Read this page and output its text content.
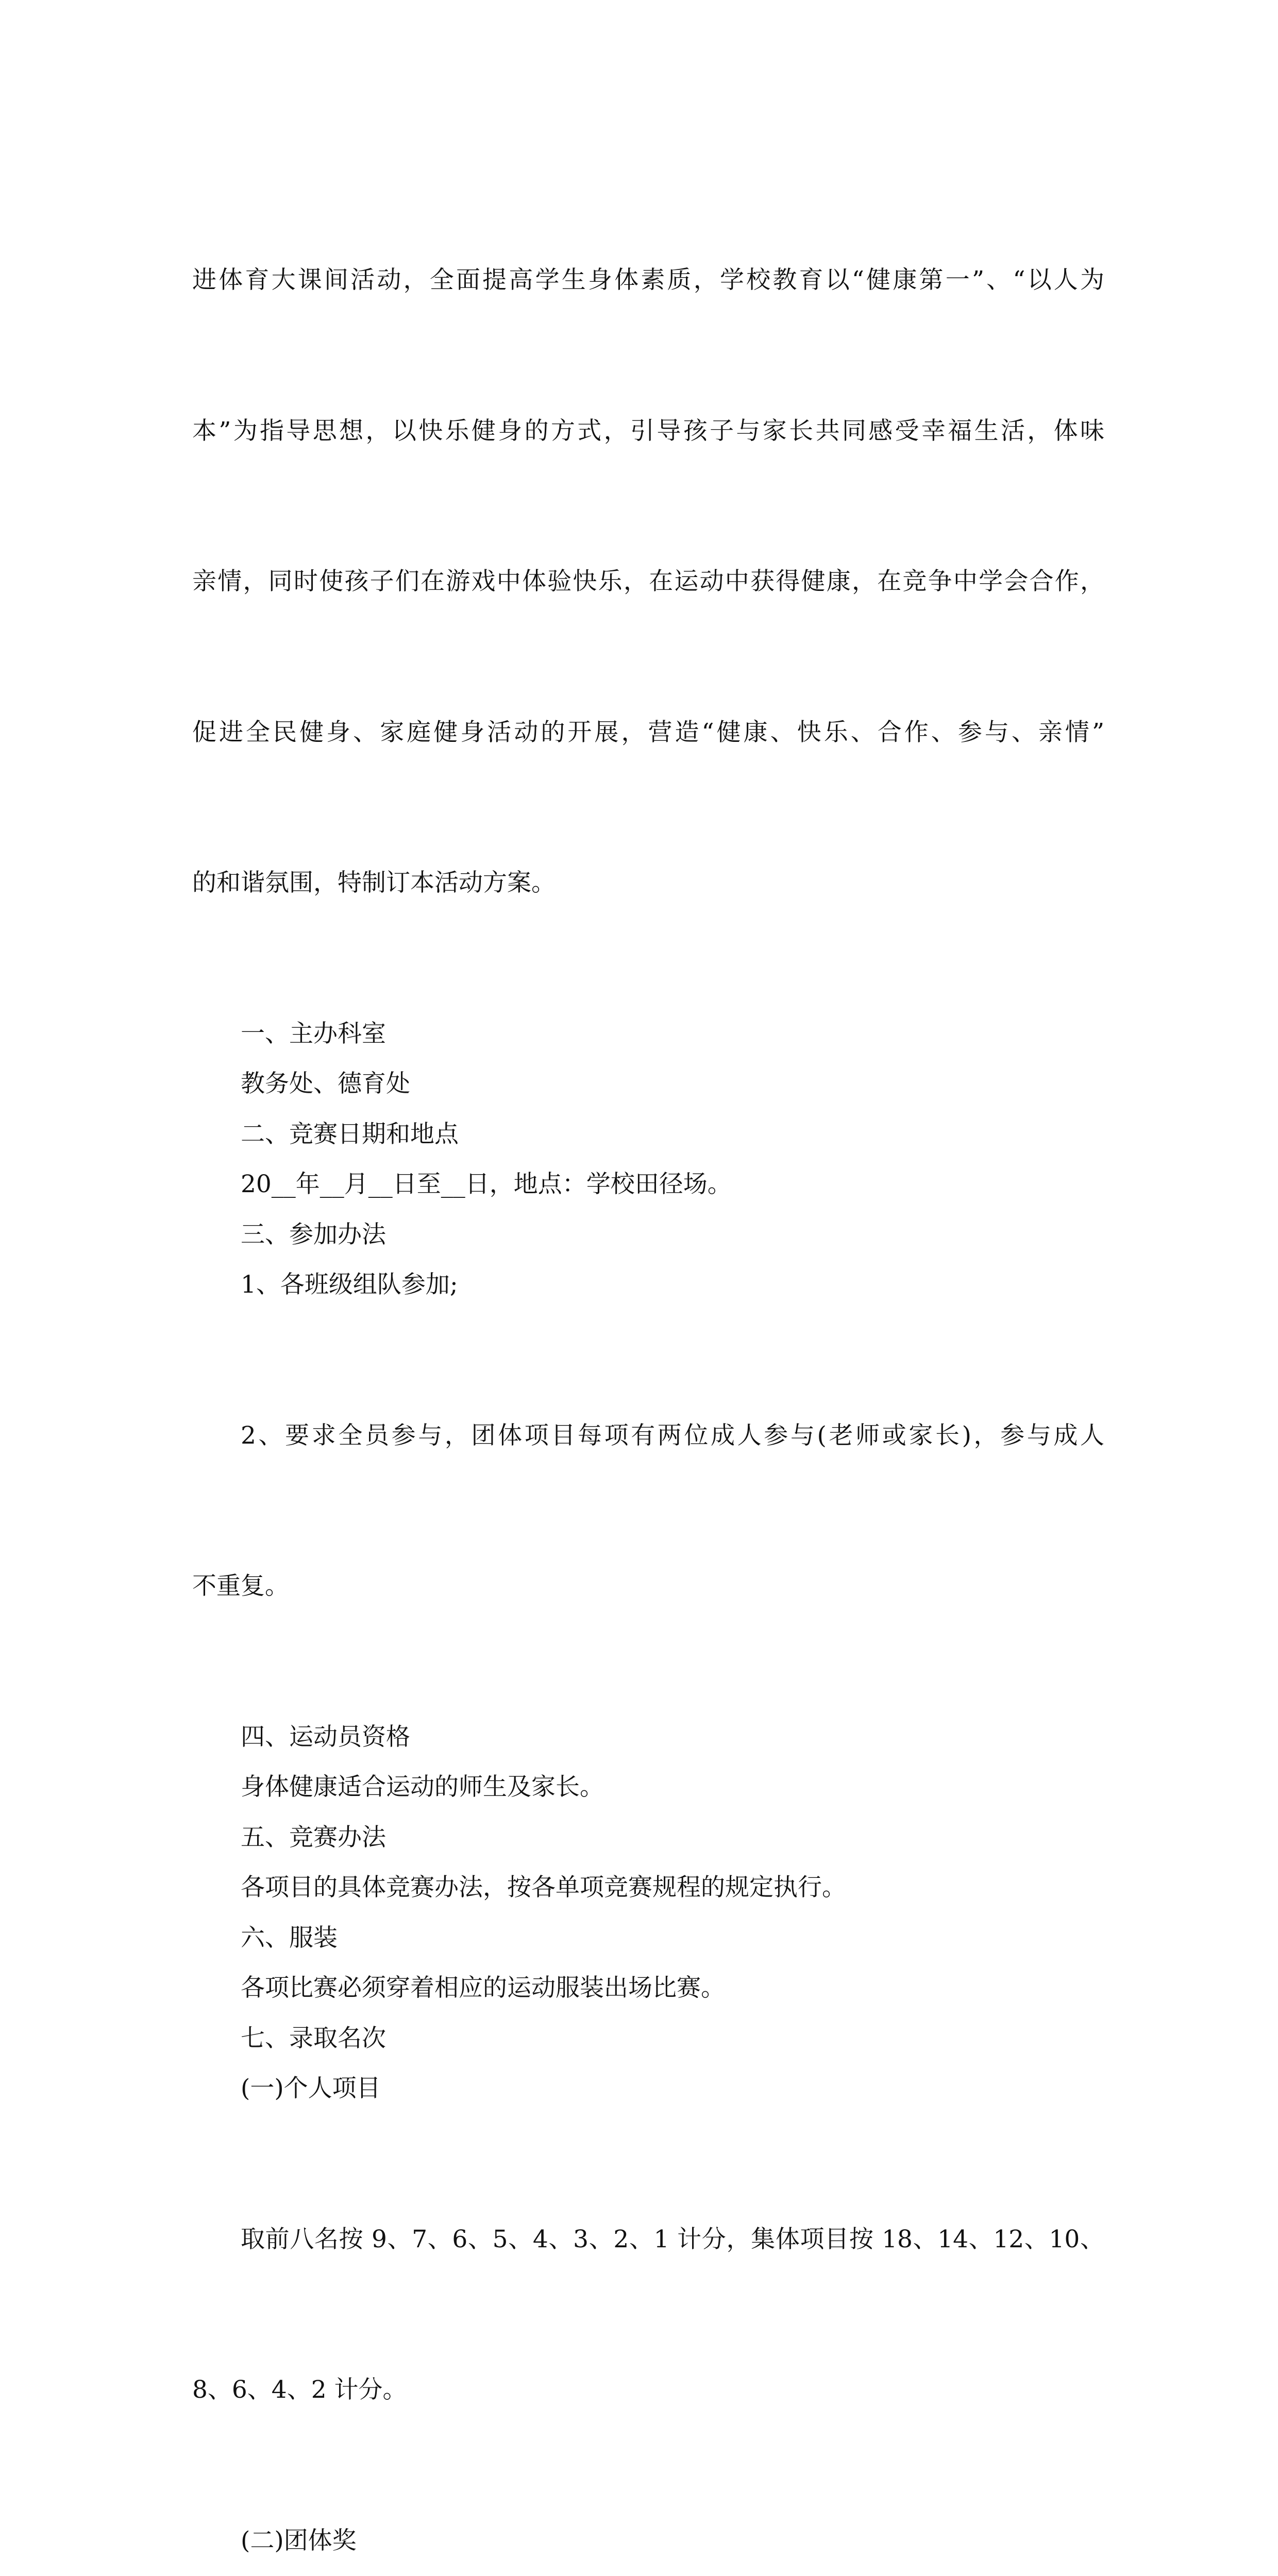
进体育大课间活动，全面提高学生身体素质，学校教育以“健康第一”、“以人为

本”为指导思想，以快乐健身的方式，引导孩子与家长共同感受幸福生活，体味

亲情，同时使孩子们在游戏中体验快乐，在运动中获得健康，在竞争中学会合作，

促进全民健身、家庭健身活动的开展，营造“健康、快乐、合作、参与、亲情”

的和谐氛围，特制订本活动方案。

一、主办科室
教务处、德育处
二、竞赛日期和地点
20__年__月__日至__日，地点：学校田径场。
三、参加办法
1、各班级组队参加;

2、要求全员参与，团体项目每项有两位成人参与(老师或家长)，参与成人

不重复。

四、运动员资格
身体健康适合运动的师生及家长。
五、竞赛办法
各项目的具体竞赛办法，按各单项竞赛规程的规定执行。
六、服装
各项比赛必须穿着相应的运动服装出场比赛。
七、录取名次
(一)个人项目

取前八名按 9、7、6、5、4、3、2、1 计分，集体项目按 18、14、12、10、

8、6、4、2 计分。

(二)团体奖
